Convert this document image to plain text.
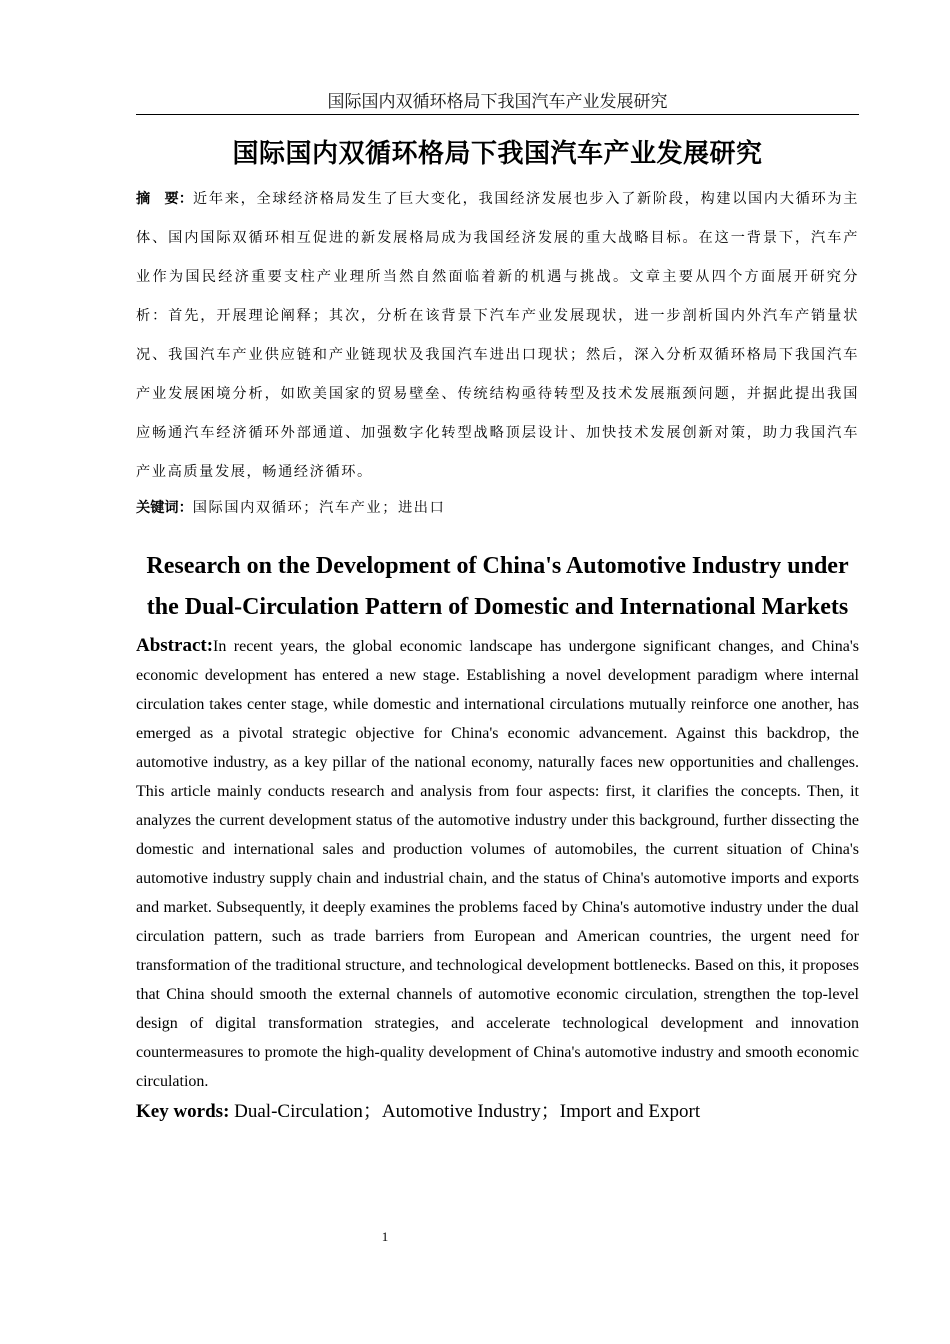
国际国内双循环格局下我国汽车产业发展研究
国际国内双循环格局下我国汽车产业发展研究
摘　要：近年来，全球经济格局发生了巨大变化，我国经济发展也步入了新阶段，构建以国内大循环为主体、国内国际双循环相互促进的新发展格局成为我国经济发展的重大战略目标。在这一背景下，汽车产业作为国民经济重要支柱产业理所当然自然面临着新的机遇与挑战。文章主要从四个方面展开研究分析：首先，开展理论阐释；其次，分析在该背景下汽车产业发展现状，进一步剖析国内外汽车产销量状况、我国汽车产业供应链和产业链现状及我国汽车进出口现状；然后，深入分析双循环格局下我国汽车产业发展困境分析，如欧美国家的贸易壁垒、传统结构亟待转型及技术发展瓶颈问题，并据此提出我国应畅通汽车经济循环外部通道、加强数字化转型战略顶层设计、加快技术发展创新对策，助力我国汽车产业高质量发展，畅通经济循环。
关键词：国际国内双循环；汽车产业；进出口
Research on the Development of China's Automotive Industry under the Dual-Circulation Pattern of Domestic and International Markets
Abstract:In recent years, the global economic landscape has undergone significant changes, and China's economic development has entered a new stage. Establishing a novel development paradigm where internal circulation takes center stage, while domestic and international circulations mutually reinforce one another, has emerged as a pivotal strategic objective for China's economic advancement. Against this backdrop, the automotive industry, as a key pillar of the national economy, naturally faces new opportunities and challenges. This article mainly conducts research and analysis from four aspects: first, it clarifies the concepts. Then, it analyzes the current development status of the automotive industry under this background, further dissecting the domestic and international sales and production volumes of automobiles, the current situation of China's automotive industry supply chain and industrial chain, and the status of China's automotive imports and exports and market. Subsequently, it deeply examines the problems faced by China's automotive industry under the dual circulation pattern, such as trade barriers from European and American countries, the urgent need for transformation of the traditional structure, and technological development bottlenecks. Based on this, it proposes that China should smooth the external channels of automotive economic circulation, strengthen the top-level design of digital transformation strategies, and accelerate technological development and innovation countermeasures to promote the high-quality development of China's automotive industry and smooth economic circulation.
Key words: Dual-Circulation；Automotive Industry；Import and Export
1
